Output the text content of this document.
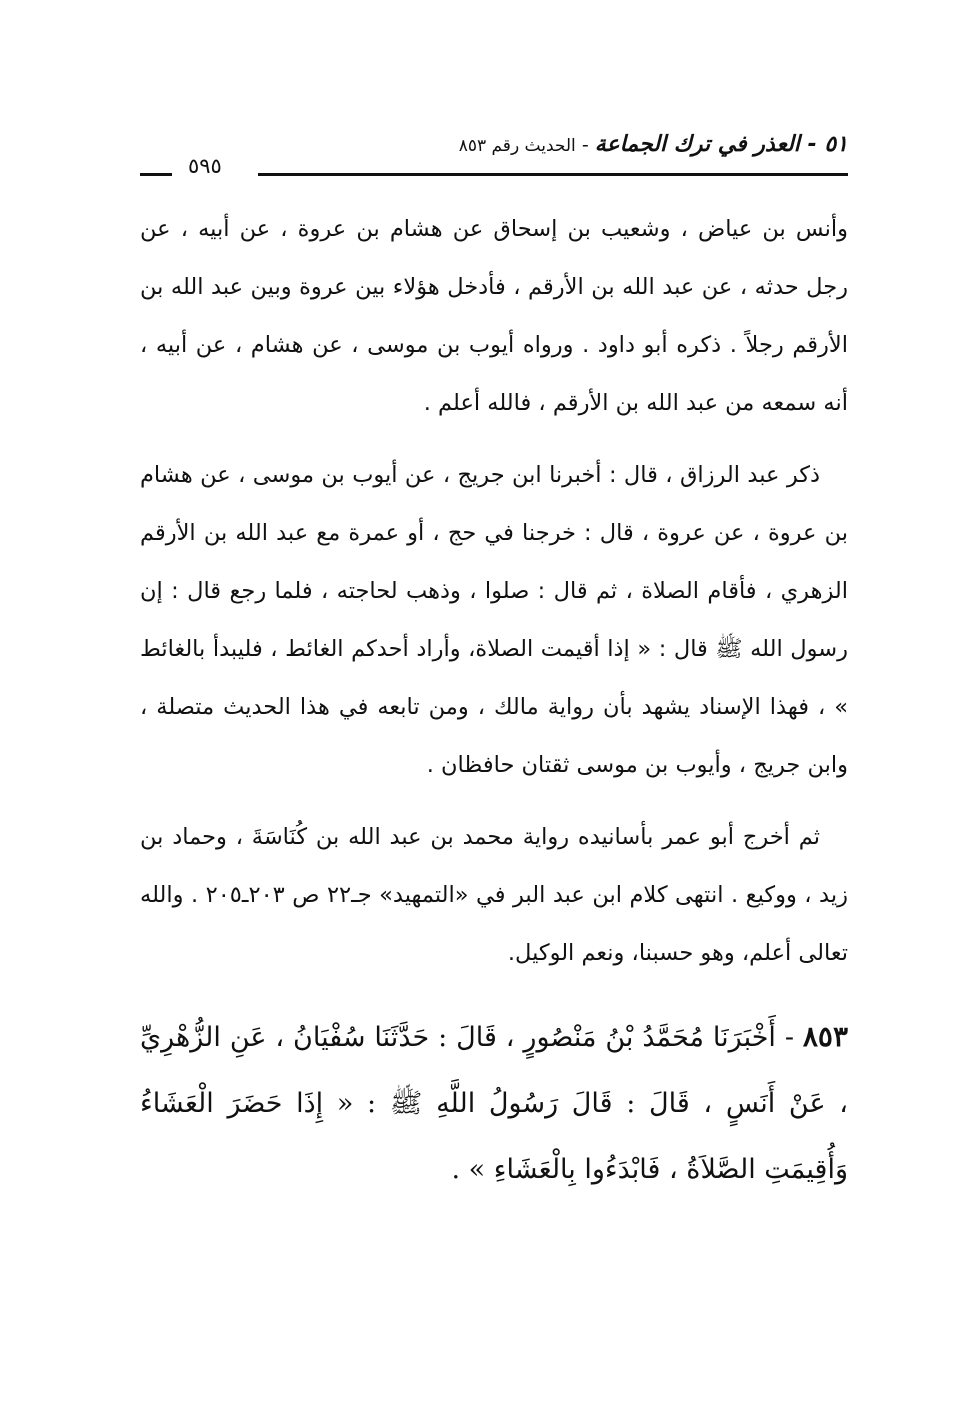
٥١ - العذر في ترك الجماعة - الحديث رقم ٨٥٣
٥٩٥

وأنس بن عياض ، وشعيب بن إسحاق عن هشام بن عروة ، عن أبيه ، عن رجل حدثه ، عن عبد الله بن الأرقم ، فأدخل هؤلاء بين عروة وبين عبد الله بن الأرقم رجلاً . ذكره أبو داود . ورواه أيوب بن موسى ، عن هشام ، عن أبيه ، أنه سمعه من عبد الله بن الأرقم ، فالله أعلم .

ذكر عبد الرزاق ، قال : أخبرنا ابن جريج ، عن أيوب بن موسى ، عن هشام بن عروة ، عن عروة ، قال : خرجنا في حج ، أو عمرة مع عبد الله بن الأرقم الزهري ، فأقام الصلاة ، ثم قال : صلوا ، وذهب لحاجته ، فلما رجع قال : إن رسول الله ﷺ قال : « إذا أقيمت الصلاة، وأراد أحدكم الغائط ، فليبدأ بالغائط » ، فهذا الإسناد يشهد بأن رواية مالك ، ومن تابعه في هذا الحديث متصلة ، وابن جريج ، وأيوب بن موسى ثقتان حافظان .

ثم أخرج أبو عمر بأسانيده رواية محمد بن عبد الله بن كُنَاسَةَ ، وحماد بن زيد ، ووكيع . انتهى كلام ابن عبد البر في «التمهيد» جـ٢٢ ص ٢٠٣ـ٢٠٥ . والله تعالى أعلم، وهو حسبنا، ونعم الوكيل.

٨٥٣ - أَخْبَرَنَا مُحَمَّدُ بْنُ مَنْصُورٍ ، قَالَ : حَدَّثَنَا سُفْيَانُ ، عَنِ الزُّهْرِيِّ ، عَنْ أَنَسٍ ، قَالَ : قَالَ رَسُولُ اللَّهِ ﷺ : « إِذَا حَضَرَ الْعَشَاءُ وَأُقِيمَتِ الصَّلاَةُ ، فَابْدَءُوا بِالْعَشَاءِ » .
